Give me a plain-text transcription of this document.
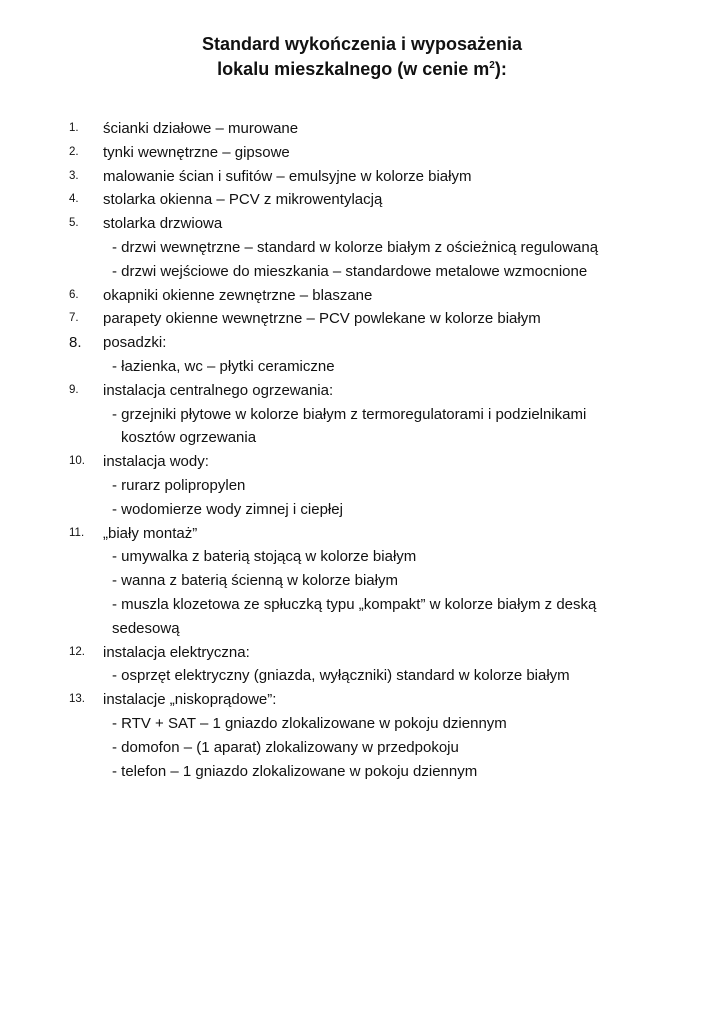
Standard wykończenia i wyposażenia
lokalu mieszkalnego (w cenie $m^2$):
1. ścianki działowe – murowane
2. tynki wewnętrzne – gipsowe
3. malowanie ścian i sufitów – emulsyjne w kolorze białym
4. stolarka okienna – PCV z mikrowentylacją
5. stolarka drzwiowa
- drzwi wewnętrzne – standard w kolorze białym z ościeżnicą regulowaną
- drzwi wejściowe do mieszkania – standardowe metalowe wzmocnione
6. okapniki okienne zewnętrzne – blaszane
7. parapety okienne wewnętrzne – PCV powlekane w kolorze białym
8. posadzki:
- łazienka, wc – płytki ceramiczne
9. instalacja centralnego ogrzewania:
- grzejniki płytowe w kolorze białym z termoregulatorami i podzielnikami
kosztów ogrzewania
10. instalacja wody:
- rurarz polipropylen
- wodomierze wody zimnej i ciepłej
11. „biały montaż”
- umywalka z baterią stojącą w kolorze białym
- wanna z baterią ścienną w kolorze białym
- muszla klozetowa ze spłuczką typu „kompakt” w kolorze białym z deską
sedesową
12. instalacja elektryczna:
- osprzęt elektryczny (gniazda, wyłączniki) standard w kolorze białym
13. instalacje „niskoprądowe”:
- RTV + SAT – 1 gniazdo zlokalizowane w pokoju dziennym
- domofon – (1 aparat) zlokalizowany w przedpokoju
- telefon – 1 gniazdo zlokalizowane w pokoju dziennym
